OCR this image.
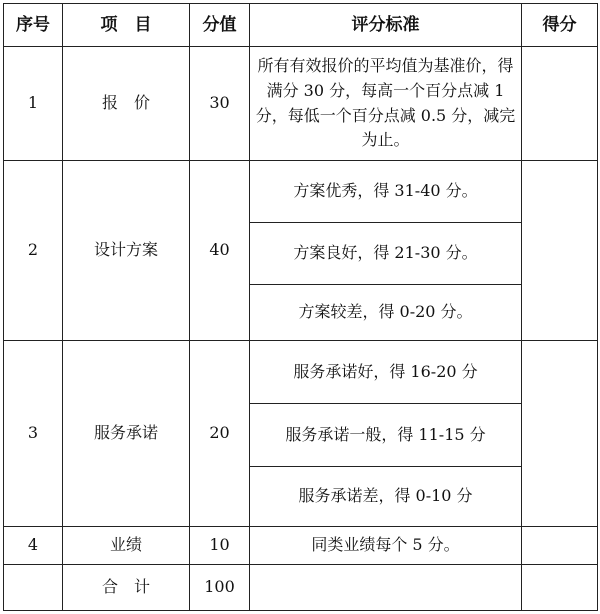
序号	项　目	分值	评分标准	得分
1	报　价	30	所有有效报价的平均值为基准价，得满分 30 分，每高一个百分点减 1 分，每低一个百分点减 0.5 分，减完为止。	
2	设计方案	40	方案优秀，得 31-40 分。	
			方案良好，得 21-30 分。	
			方案较差，得 0-20 分。	
3	服务承诺	20	服务承诺好，得 16-20 分	
			服务承诺一般，得 11-15 分	
			服务承诺差，得 0-10 分	
4	业绩	10	同类业绩每个 5 分。	
	合　计	100		
